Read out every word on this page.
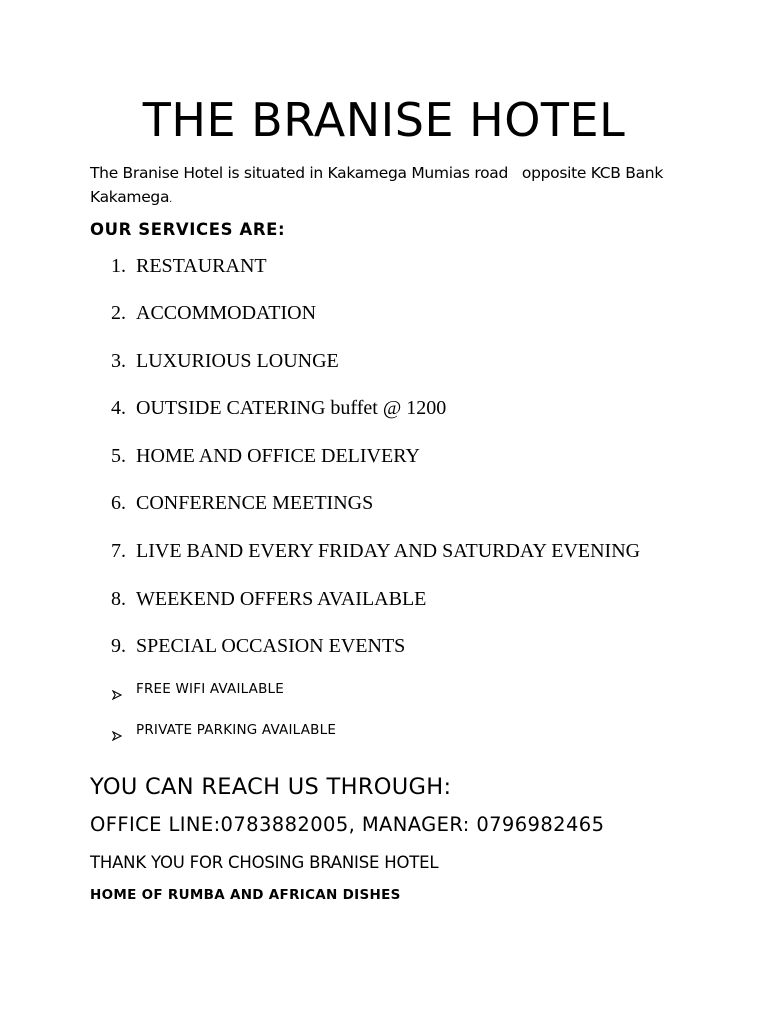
THE BRANISE HOTEL
The Branise Hotel is situated in Kakamega Mumias road opposite KCB Bank Kakamega.
OUR SERVICES ARE:
1. RESTAURANT
2. ACCOMMODATION
3. LUXURIOUS LOUNGE
4. OUTSIDE CATERING buffet @ 1200
5. HOME AND OFFICE DELIVERY
6. CONFERENCE MEETINGS
7. LIVE BAND EVERY FRIDAY AND SATURDAY EVENING
8. WEEKEND OFFERS AVAILABLE
9. SPECIAL OCCASION EVENTS
FREE WIFI AVAILABLE
PRIVATE PARKING AVAILABLE
YOU CAN REACH US THROUGH:
OFFICE LINE:0783882005, MANAGER: 0796982465
THANK YOU FOR CHOSING BRANISE HOTEL
HOME OF RUMBA AND AFRICAN DISHES
